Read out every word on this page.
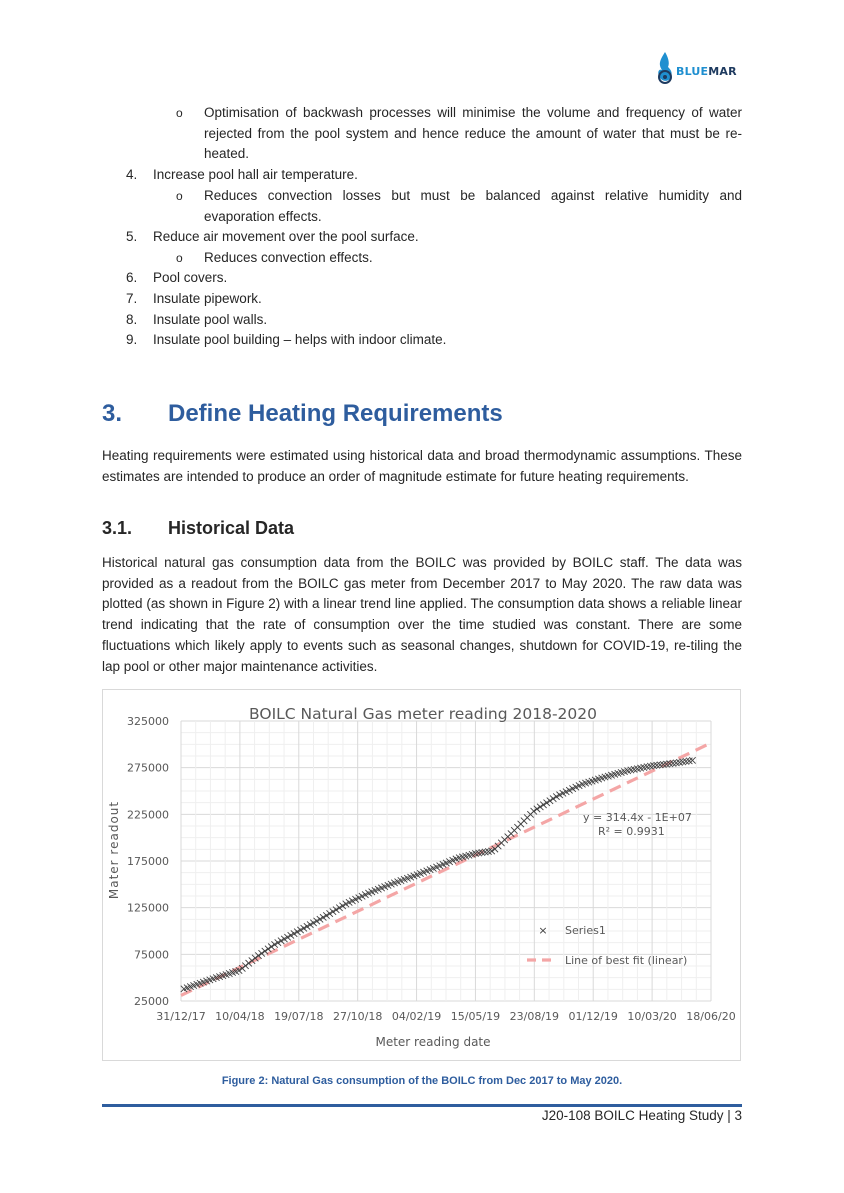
BLUEMAR
o Optimisation of backwash processes will minimise the volume and frequency of water rejected from the pool system and hence reduce the amount of water that must be re-heated.
4. Increase pool hall air temperature.
o Reduces convection losses but must be balanced against relative humidity and evaporation effects.
5. Reduce air movement over the pool surface.
o Reduces convection effects.
6. Pool covers.
7. Insulate pipework.
8. Insulate pool walls.
9. Insulate pool building – helps with indoor climate.
3. Define Heating Requirements
Heating requirements were estimated using historical data and broad thermodynamic assumptions. These estimates are intended to produce an order of magnitude estimate for future heating requirements.
3.1. Historical Data
Historical natural gas consumption data from the BOILC was provided by BOILC staff. The data was provided as a readout from the BOILC gas meter from December 2017 to May 2020. The raw data was plotted (as shown in Figure 2) with a linear trend line applied. The consumption data shows a reliable linear trend indicating that the rate of consumption over the time studied was constant. There are some fluctuations which likely apply to events such as seasonal changes, shutdown for COVID-19, re-tiling the lap pool or other major maintenance activities.
25000
75000
125000
175000
225000
275000
325000
31/12/17 10/04/18 19/07/18 27/10/18 04/02/19 15/05/19 23/08/19 01/12/19 10/03/20 18/06/20
BOILC Natural Gas meter reading 2018-2020
Meter reading date
Mater readout	y = 314.4x - 1E+07
R² = 0.9931
× Series1
Line of best fit (linear)
Figure 2: Natural Gas consumption of the BOILC from Dec 2017 to May 2020.
J20-108 BOILC Heating Study | 3
